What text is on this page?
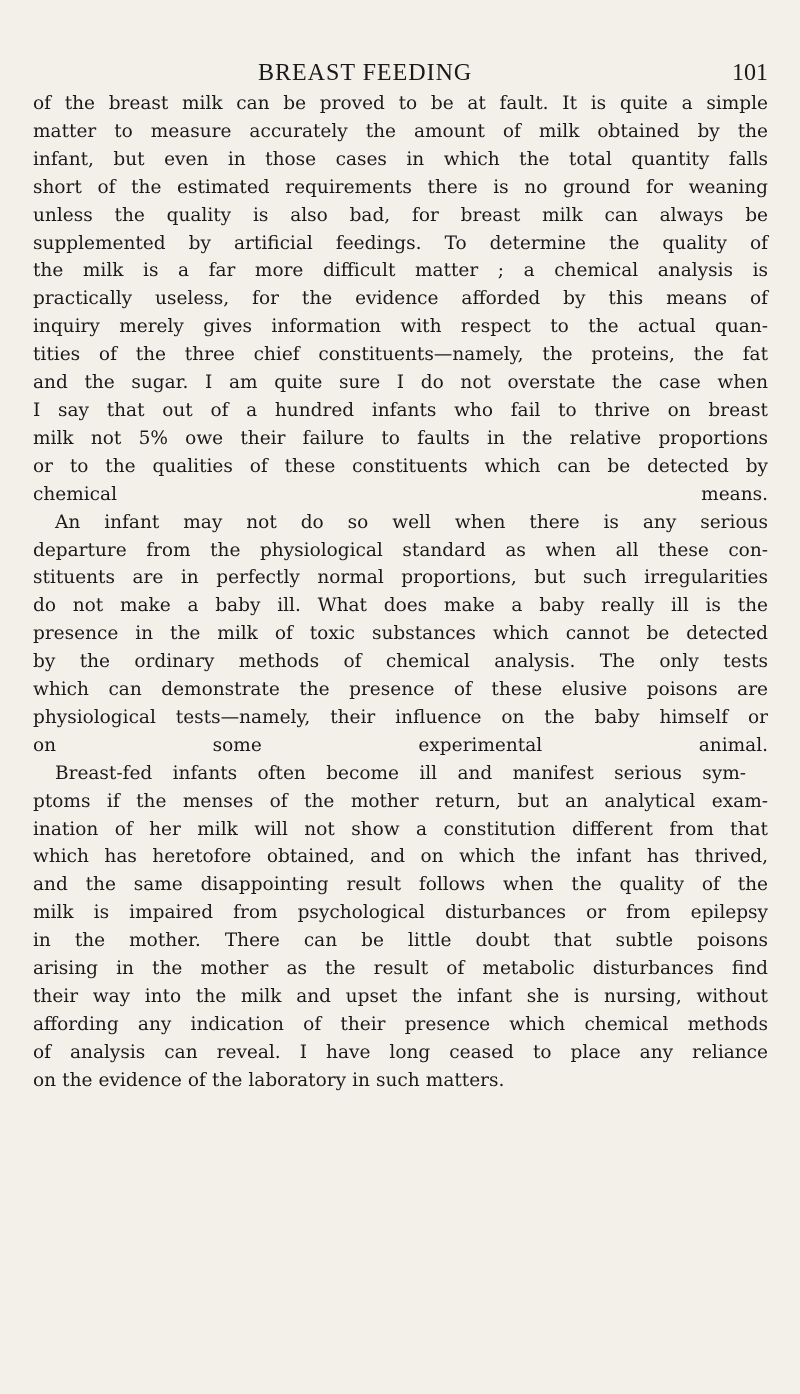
BREAST FEEDING	101

of the breast milk can be proved to be at fault. It is quite a simple
matter to measure accurately the amount of milk obtained by the
infant, but even in those cases in which the total quantity falls
short of the estimated requirements there is no ground for weaning
unless the quality is also bad, for breast milk can always be
supplemented by artificial feedings. To determine the quality of
the milk is a far more difficult matter ; a chemical analysis is
practically useless, for the evidence afforded by this means of
inquiry merely gives information with respect to the actual quan-
tities of the three chief constituents—namely, the proteins, the fat
and the sugar. I am quite sure I do not overstate the case when
I say that out of a hundred infants who fail to thrive on breast
milk not 5% owe their failure to faults in the relative proportions
or to the qualities of these constituents which can be detected by
chemical means.

An infant may not do so well when there is any serious
departure from the physiological standard as when all these con-
stituents are in perfectly normal proportions, but such irregularities
do not make a baby ill. What does make a baby really ill is the
presence in the milk of toxic substances which cannot be detected
by the ordinary methods of chemical analysis. The only tests
which can demonstrate the presence of these elusive poisons are
physiological tests—namely, their influence on the baby himself or
on some experimental animal.

Breast-fed infants often become ill and manifest serious sym-
ptoms if the menses of the mother return, but an analytical exam-
ination of her milk will not show a constitution different from that
which has heretofore obtained, and on which the infant has thrived,
and the same disappointing result follows when the quality of the
milk is impaired from psychological disturbances or from epilepsy
in the mother. There can be little doubt that subtle poisons
arising in the mother as the result of metabolic disturbances find
their way into the milk and upset the infant she is nursing, without
affording any indication of their presence which chemical methods
of analysis can reveal. I have long ceased to place any reliance
on the evidence of the laboratory in such matters.
